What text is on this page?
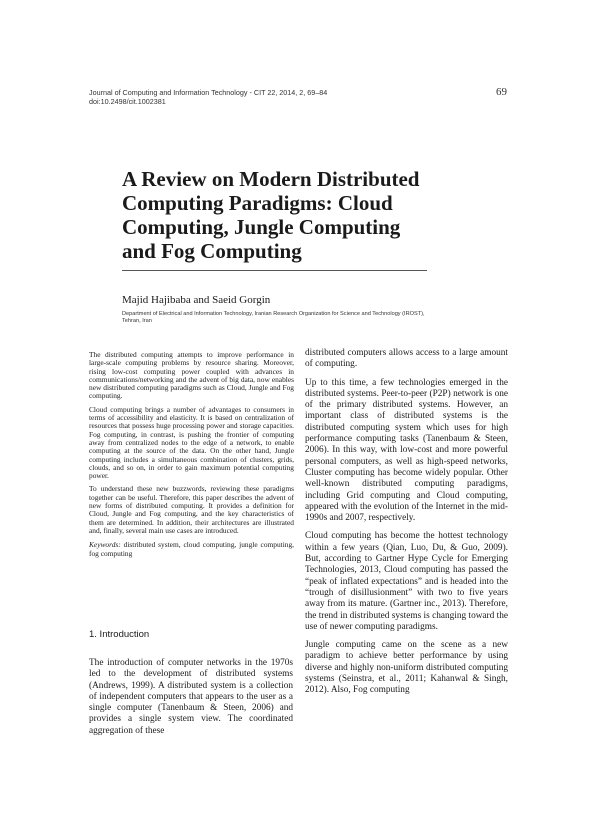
Journal of Computing and Information Technology - CIT 22, 2014, 2, 69–84
doi:10.2498/cit.1002381
69
A Review on Modern Distributed
Computing Paradigms: Cloud
Computing, Jungle Computing
and Fog Computing
Majid Hajibaba and Saeid Gorgin
Department of Electrical and Information Technology, Iranian Research Organization for Science and Technology (IROST),
Tehran, Iran

The distributed computing attempts to improve performance in large-scale computing problems by resource sharing. Moreover, rising low-cost computing power coupled with advances in communications/networking and the advent of big data, now enables new distributed computing paradigms such as Cloud, Jungle and Fog computing.

Cloud computing brings a number of advantages to consumers in terms of accessibility and elasticity. It is based on centralization of resources that possess huge processing power and storage capacities. Fog computing, in contrast, is pushing the frontier of computing away from centralized nodes to the edge of a network, to enable computing at the source of the data. On the other hand, Jungle computing includes a simultaneous combination of clusters, grids, clouds, and so on, in order to gain maximum potential computing power.

To understand these new buzzwords, reviewing these paradigms together can be useful. Therefore, this paper describes the advent of new forms of distributed computing. It provides a definition for Cloud, Jungle and Fog computing, and the key characteristics of them are determined. In addition, their architectures are illustrated and, finally, several main use cases are introduced.

Keywords: distributed system, cloud computing, jungle computing, fog computing
1. Introduction

The introduction of computer networks in the 1970s led to the development of distributed systems (Andrews, 1999). A distributed system is a collection of independent computers that appears to the user as a single computer (Tanenbaum & Steen, 2006) and provides a single system view. The coordinated aggregation of these

distributed computers allows access to a large amount of computing.

Up to this time, a few technologies emerged in the distributed systems. Peer-to-peer (P2P) network is one of the primary distributed systems. However, an important class of distributed systems is the distributed computing system which uses for high performance computing tasks (Tanenbaum & Steen, 2006). In this way, with low-cost and more powerful personal computers, as well as high-speed networks, Cluster computing has become widely popular. Other well-known distributed computing paradigms, including Grid computing and Cloud computing, appeared with the evolution of the Internet in the mid-1990s and 2007, respectively.

Cloud computing has become the hottest technology within a few years (Qian, Luo, Du, & Guo, 2009). But, according to Gartner Hype Cycle for Emerging Technologies, 2013, Cloud computing has passed the “peak of inflated expectations” and is headed into the “trough of disillusionment” with two to five years away from its mature. (Gartner inc., 2013). Therefore, the trend in distributed systems is changing toward the use of newer computing paradigms.

Jungle computing came on the scene as a new paradigm to achieve better performance by using diverse and highly non-uniform distributed computing systems (Seinstra, et al., 2011; Kahanwal & Singh, 2012). Also, Fog computing
